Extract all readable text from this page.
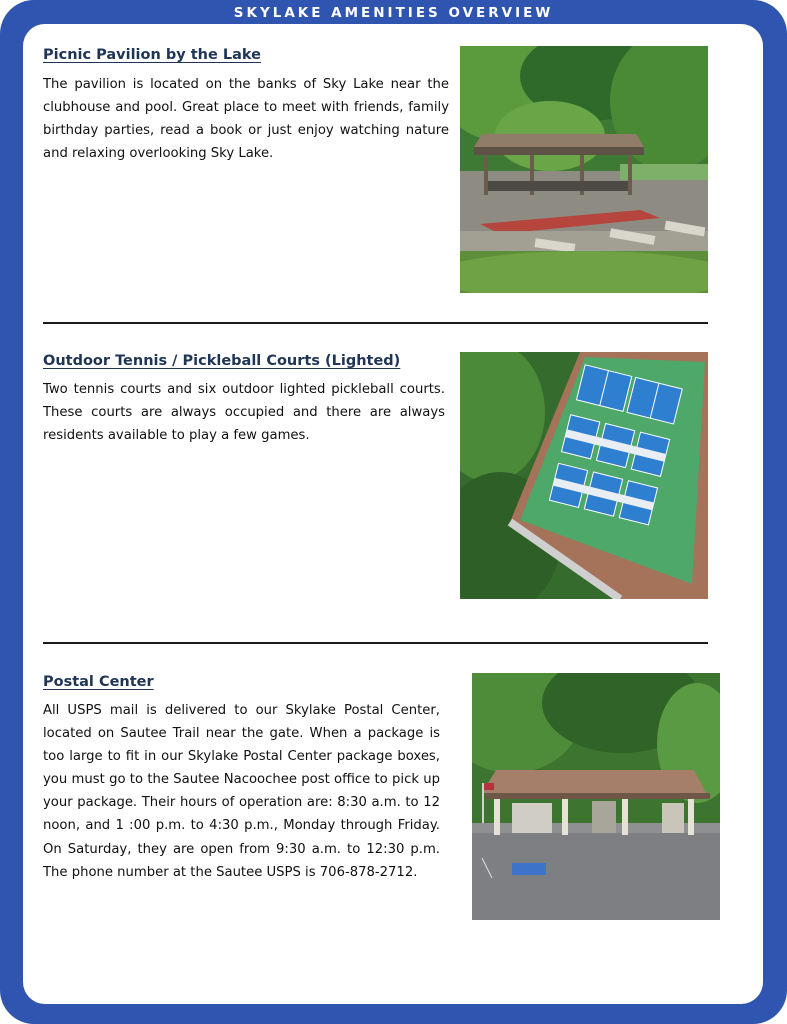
SKYLAKE AMENITIES OVERVIEW
Picnic Pavilion by the Lake
The pavilion is located on the banks of Sky Lake near the clubhouse and pool. Great place to meet with friends, family birthday parties, read a book or just enjoy watching nature and relaxing overlooking Sky Lake.
Outdoor Tennis / Pickleball Courts (Lighted)
Two tennis courts and six outdoor lighted pickleball courts. These courts are always occupied and there are always residents available to play a few games.
Postal Center
All USPS mail is delivered to our Skylake Postal Center, located on Sautee Trail near the gate. When a package is too large to fit in our Skylake Postal Center package boxes, you must go to the Sautee Nacoochee post office to pick up your package. Their hours of operation are: 8:30 a.m. to 12 noon, and 1 :00 p.m. to 4:30 p.m., Monday through Friday. On Saturday, they are open from 9:30 a.m. to 12:30 p.m. The phone number at the Sautee USPS is 706-878-2712.
